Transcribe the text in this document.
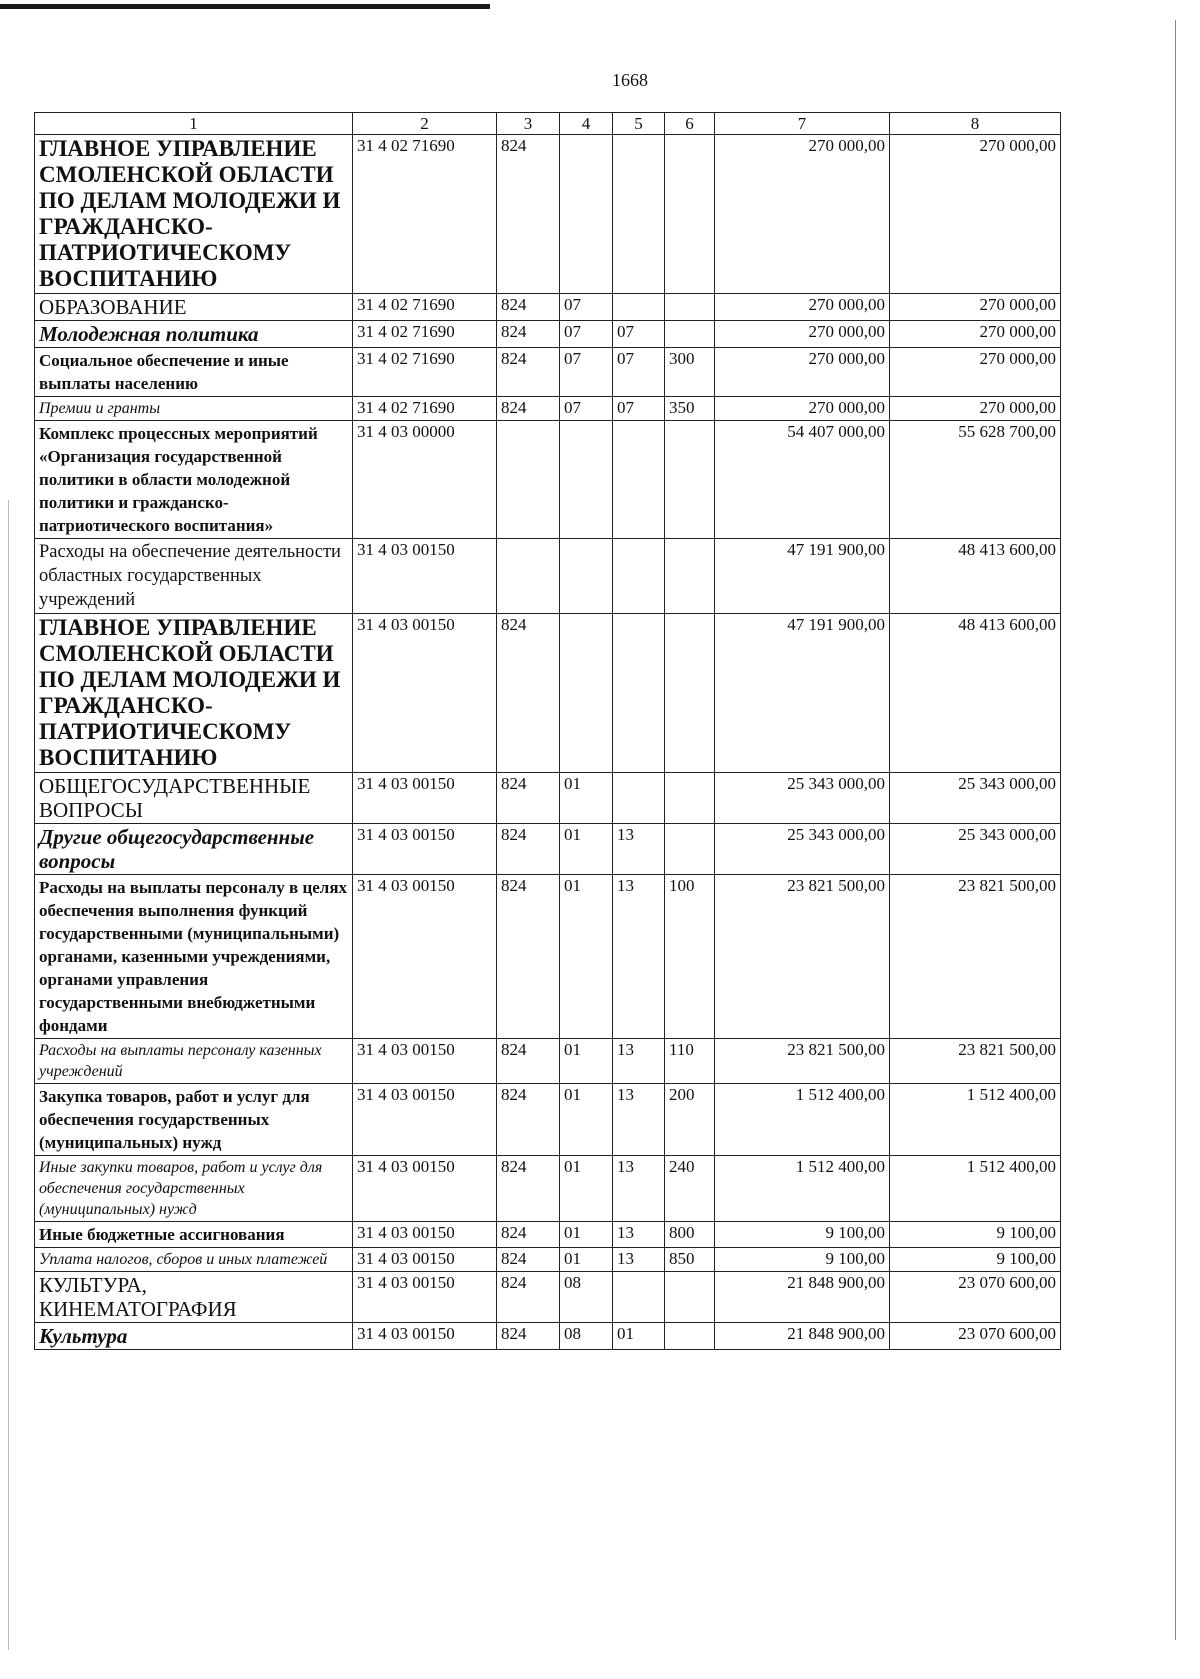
1668
1	2	3	4	5	6	7	8
ГЛАВНОЕ УПРАВЛЕНИЕ СМОЛЕНСКОЙ ОБЛАСТИ ПО ДЕЛАМ МОЛОДЕЖИ И ГРАЖДАНСКО-ПАТРИОТИЧЕСКОМУ ВОСПИТАНИЮ	31 4 02 71690	824				270 000,00	270 000,00
ОБРАЗОВАНИЕ	31 4 02 71690	824	07			270 000,00	270 000,00
Молодежная политика	31 4 02 71690	824	07	07		270 000,00	270 000,00
Социальное обеспечение и иные выплаты населению	31 4 02 71690	824	07	07	300	270 000,00	270 000,00
Премии и гранты	31 4 02 71690	824	07	07	350	270 000,00	270 000,00
Комплекс процессных мероприятий «Организация государственной политики в области молодежной политики и гражданско-патриотического воспитания»	31 4 03 00000					54 407 000,00	55 628 700,00
Расходы на обеспечение деятельности областных государственных учреждений	31 4 03 00150					47 191 900,00	48 413 600,00
ГЛАВНОЕ УПРАВЛЕНИЕ СМОЛЕНСКОЙ ОБЛАСТИ ПО ДЕЛАМ МОЛОДЕЖИ И ГРАЖДАНСКО-ПАТРИОТИЧЕСКОМУ ВОСПИТАНИЮ	31 4 03 00150	824				47 191 900,00	48 413 600,00
ОБЩЕГОСУДАРСТВЕННЫЕ ВОПРОСЫ	31 4 03 00150	824	01			25 343 000,00	25 343 000,00
Другие общегосударственные вопросы	31 4 03 00150	824	01	13		25 343 000,00	25 343 000,00
Расходы на выплаты персоналу в целях обеспечения выполнения функций государственными (муниципальными) органами, казенными учреждениями, органами управления государственными внебюджетными фондами	31 4 03 00150	824	01	13	100	23 821 500,00	23 821 500,00
Расходы на выплаты персоналу казенных учреждений	31 4 03 00150	824	01	13	110	23 821 500,00	23 821 500,00
Закупка товаров, работ и услуг для обеспечения государственных (муниципальных) нужд	31 4 03 00150	824	01	13	200	1 512 400,00	1 512 400,00
Иные закупки товаров, работ и услуг для обеспечения государственных (муниципальных) нужд	31 4 03 00150	824	01	13	240	1 512 400,00	1 512 400,00
Иные бюджетные ассигнования	31 4 03 00150	824	01	13	800	9 100,00	9 100,00
Уплата налогов, сборов и иных платежей	31 4 03 00150	824	01	13	850	9 100,00	9 100,00
КУЛЬТУРА, КИНЕМАТОГРАФИЯ	31 4 03 00150	824	08			21 848 900,00	23 070 600,00
Культура	31 4 03 00150	824	08	01		21 848 900,00	23 070 600,00
